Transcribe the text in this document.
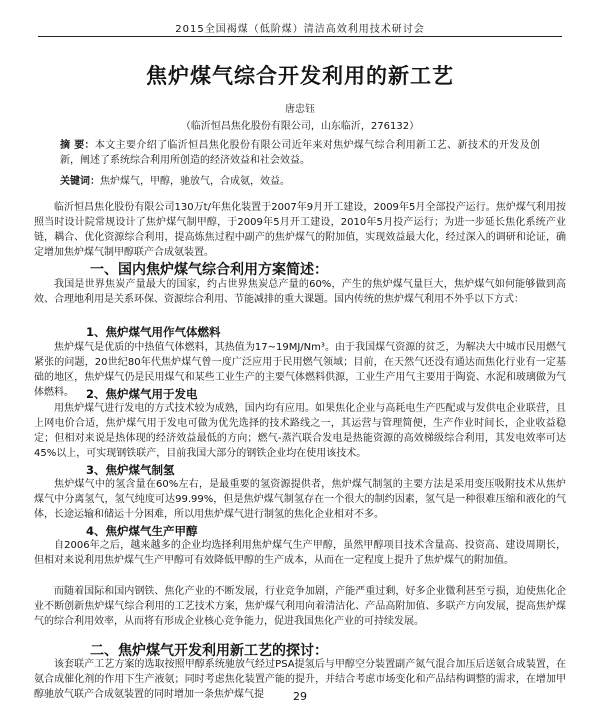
2015全国褐煤（低阶煤）清洁高效利用技术研讨会
焦炉煤气综合开发利用的新工艺
唐忠钰
（临沂恒昌焦化股份有限公司，山东临沂，276132）

摘 要：本文主要介绍了临沂恒昌焦化股份有限公司近年来对焦炉煤气综合利用新工艺、新技术的开发及创新，阐述了系统综合利用所创造的经济效益和社会效益。

关键词：焦炉煤气，甲醇，驰放气，合成氨，效益。

临沂恒昌焦化股份有限公司130万t/年焦化装置于2007年9月开工建设，2009年5月全部投产运行。焦炉煤气利用按照当时设计院常规设计了焦炉煤气制甲醇，于2009年5月开工建设，2010年5月投产运行；为进一步延长焦化系统产业链，耦合、优化资源综合利用，提高炼焦过程中副产的焦炉煤气的附加值，实现效益最大化，经过深入的调研和论证，确定增加焦炉煤气制甲醇联产合成氨装置。

一、国内焦炉煤气综合利用方案简述：

我国是世界焦炭产量最大的国家，约占世界焦炭总产量的60%，产生的焦炉煤气量巨大，焦炉煤气如何能够做到高效、合理地利用是关系环保、资源综合利用、节能减排的重大课题。国内传统的焦炉煤气利用不外乎以下方式：

1、焦炉煤气用作气体燃料

焦炉煤气是优质的中热值气体燃料，其热值为17~19MJ/Nm³。由于我国煤气资源的贫乏，为解决大中城市民用燃气紧张的问题，20世纪80年代焦炉煤气曾一度广泛应用于民用燃气领域；目前，在天然气还没有通达而焦化行业有一定基础的地区，焦炉煤气仍是民用煤气和某些工业生产的主要气体燃料供源，工业生产用气主要用于陶瓷、水泥和玻璃做为气体燃料。	2、焦炉煤气用于发电

用焦炉煤气进行发电的方式技术较为成熟，国内均有应用。如果焦化企业与高耗电生产匹配或与发供电企业联营，且上网电价合适，焦炉煤气用于发电可做为优先选择的技术路线之一，其运营与管理简便，生产作业时间长，企业收益稳定；但相对来说是热体现的经济效益最低的方向；燃气-蒸汽联合发电是热能资源的高效梯级综合利用，其发电效率可达45%以上，可实现钢铁联产，目前我国大部分的钢铁企业均在使用该技术。

3、焦炉煤气制氢

焦炉煤气中的氢含量在60%左右，是最重要的氢资源提供者，焦炉煤气制氢的主要方法是采用变压吸附技术从焦炉煤气中分离氢气，氢气纯度可达99.99%，但是焦炉煤气制氢存在一个很大的制约因素，氢气是一种很难压缩和液化的气体，长途运输和储运十分困难，所以用焦炉煤气进行制氢的焦化企业相对不多。

4、焦炉煤气生产甲醇

自2006年之后，越来越多的企业均选择利用焦炉煤气生产甲醇，虽然甲醇项目技术含量高、投资高、建设周期长，但相对来说利用焦炉煤气生产甲醇可有效降低甲醇的生产成本，从而在一定程度上提升了焦炉煤气的附加值。

而随着国际和国内钢铁、焦化产业的不断发展，行业竞争加剧，产能严重过剩，好多企业微利甚至亏损，迫使焦化企业不断创新焦炉煤气综合利用的工艺技术方案，焦炉煤气利用向着清洁化、产品高附加值、多联产方向发展，提高焦炉煤气的综合利用效率，从而将有形成企业核心竞争能力，促进我国焦化产业的可持续发展。

二、焦炉煤气开发利用新工艺的探讨：

该套联产工艺方案的选取按照甲醇系统驰放气经过PSA提氢后与甲醇空分装置副产氮气混合加压后送氨合成装置，在氨合成催化剂的作用下生产液氨；同时考虑焦化装置产能的提升，并结合考虑市场变化和产品结构调整的需求，在增加甲醇驰放气联产合成氨装置的同时增加一条焦炉煤气提	29
